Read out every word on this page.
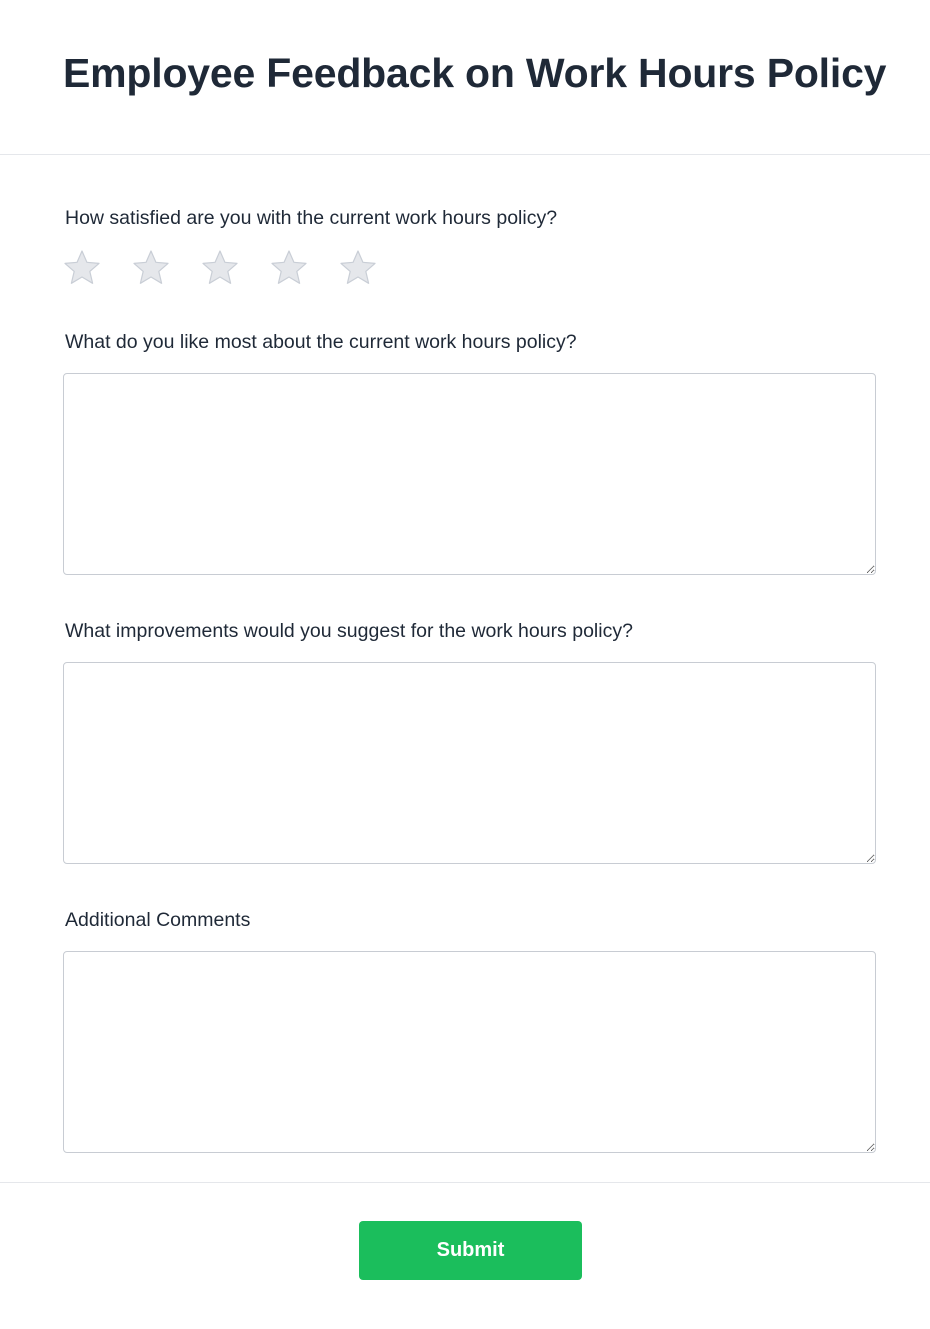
Employee Feedback on Work Hours Policy

How satisfied are you with the current work hours policy?

What do you like most about the current work hours policy?

What improvements would you suggest for the work hours policy?

Additional Comments

Submit
